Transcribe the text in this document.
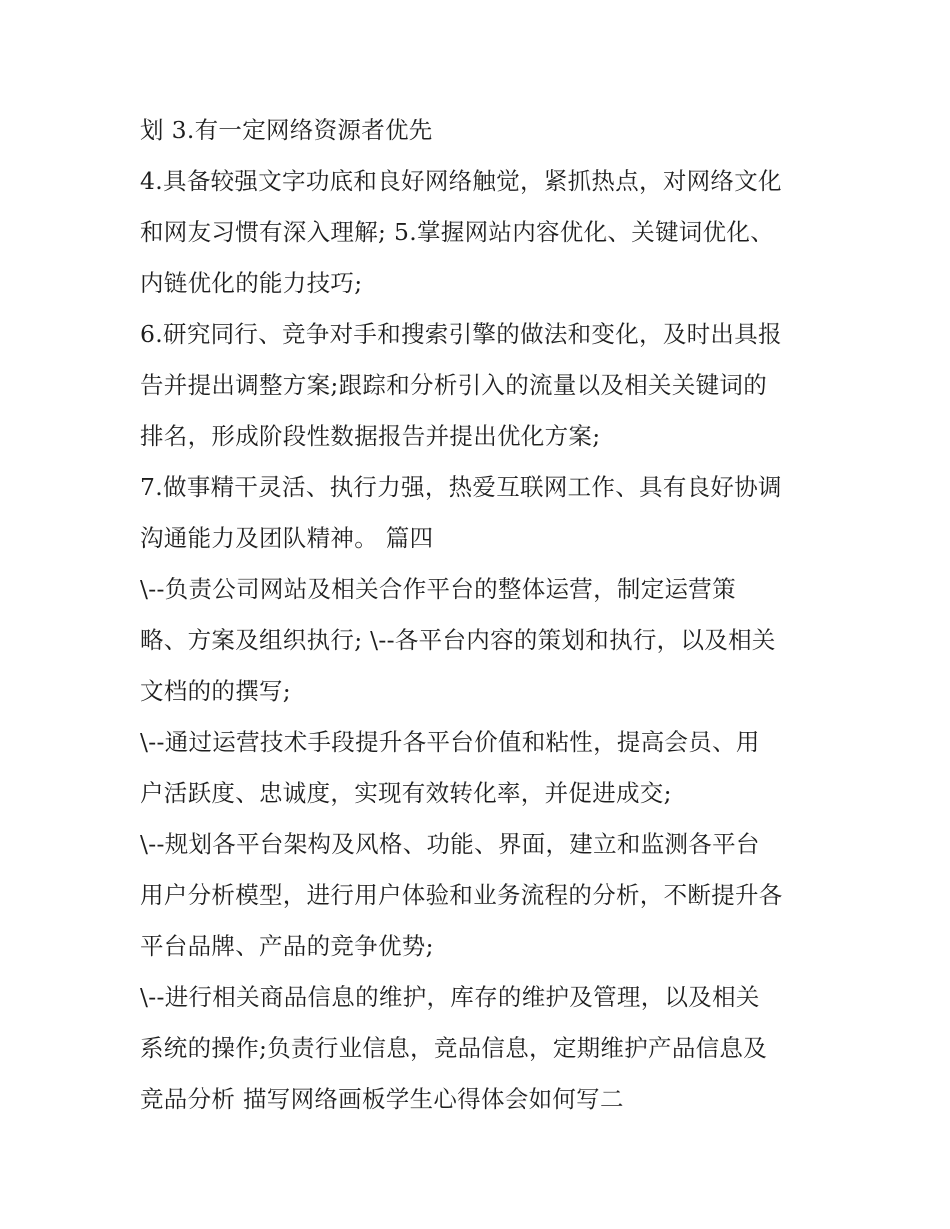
划 3.有一定网络资源者优先
4.具备较强文字功底和良好网络触觉，紧抓热点，对网络文化
和网友习惯有深入理解; 5.掌握网站内容优化、关键词优化、
内链优化的能力技巧;
6.研究同行、竞争对手和搜索引擎的做法和变化，及时出具报
告并提出调整方案;跟踪和分析引入的流量以及相关关键词的
排名，形成阶段性数据报告并提出优化方案;
7.做事精干灵活、执行力强，热爱互联网工作、具有良好协调
沟通能力及团队精神。 篇四
\--负责公司网站及相关合作平台的整体运营，制定运营策
略、方案及组织执行; \--各平台内容的策划和执行，以及相关
文档的的撰写;
\--通过运营技术手段提升各平台价值和粘性，提高会员、用
户活跃度、忠诚度，实现有效转化率，并促进成交;
\--规划各平台架构及风格、功能、界面，建立和监测各平台
用户分析模型，进行用户体验和业务流程的分析，不断提升各
平台品牌、产品的竞争优势;
\--进行相关商品信息的维护，库存的维护及管理，以及相关
系统的操作;负责行业信息，竞品信息，定期维护产品信息及
竞品分析 描写网络画板学生心得体会如何写二
